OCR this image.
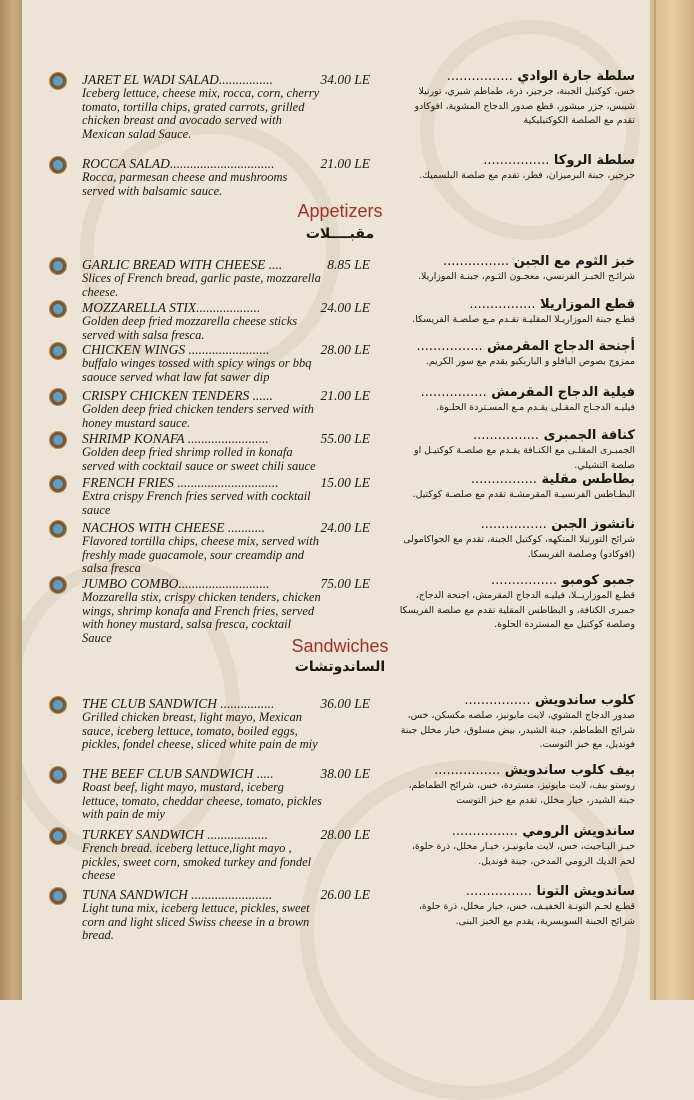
JARET EL WADI SALAD................	34.00 LE
Iceberg lettuce, cheese mix, rocca, corn, cherry tomato, tortilla chips, grated carrots, grilled chicken breast and avocado served with Mexican salad Sauce.
سلطة جارة الوادي ................
خس، كوكتيل الجبنة، جرجير، ذرة، طماطم شيري، تورتيلا شيبس، جزر ميشور، قطع صدور الدجاج المشوية، افوكادو تقدم مع الصلصة الكوكتيليكية
ROCCA SALAD...............................	21.00 LE
Rocca, parmesan cheese and mushrooms served with balsamic sauce.
سلطة الروكا ................
جرجير، جبنة البرميزان، فطر، تقدم مع صلصة البلسميك.
GARLIC BREAD WITH CHEESE ....	8.85 LE
Slices of French bread, garlic paste, mozzarella cheese.
خبز الثوم مع الجبن ................
شرائـح الخبـز الفرنسي، معجـون الثـوم، جبنـة الموزاريلا.
MOZZARELLA STIX...................	24.00 LE
Golden deep fried mozzarella cheese sticks served with salsa fresca.
قطع الموزاريلا ................
قطـع جبنة الموزاريـلا المقليـة تقـدم مـع صلصـة الفريسكا.
CHICKEN WINGS ........................	28.00 LE
buffalo winges tossed with spicy wings or bbq saouce served what law fat sawer dip
أجنحة الدجاج المقرمش ................
ممزوج بصوص البافلو و الباربكيو يقدم مع سور الكريم.
CRISPY CHICKEN TENDERS ......	21.00 LE
Golden deep fried chicken tenders served with honey mustard sauce.
فيلية الدجاج المقرمش ................
فيليـه الدجـاج المقـلى يقـدم مـع المسـتردة الحلـوة.
SHRIMP KONAFA ........................	55.00 LE
Golden deep fried shrimp rolled in konafa served with cocktail sauce or sweet chili sauce
كنافة الجمبرى ................
الجمبـرى المقلـى مع الكنـافة يقـدم مع صلصـة كوكتيـل او صلصة التشيلي.
FRENCH FRIES ..............................	15.00 LE
Extra crispy French fries served with cocktail sauce
بطاطس مقلية ................
البطـاطس الفرنسيـة المقرمشـة تقدم مع صلصـة كوكتيل.
NACHOS WITH CHEESE ...........	24.00 LE
Flavored tortilla chips, cheese mix, served with freshly made guacamole, sour creamdip and salsa fresca
ناتشوز الجبن ................
شرائح التورتيلا المنكهه، كوكتيل الجبنة، تقدم مع الجواكامولى (افوكادو) وصلصة الفريسكا.
JUMBO COMBO...........................	75.00 LE
Mozzarella stix, crispy chicken tenders, chicken wings, shrimp konafa and French fries, served with honey mustard, salsa fresca, cocktail Sauce
جمبو كومبو ................
قطـع الموزاريــلا، فيليـه الدجاج المقرمش، اجنحة الدجاج، جمبرى الكنافة، و البطاطس المقلية تقدم مع صلصة الفريسكا وصلصة كوكتيل مع المستردة الحلوة.
THE CLUB SANDWICH ................	36.00 LE
Grilled chicken breast, light mayo, Mexican sauce, iceberg lettuce, tomato, boiled eggs, pickles, fondel cheese, sliced white pain de miy
كلوب ساندويش ................
صدور الدجاج المشوي، لايت مايونيز، صلصه مكسكن، خس، شرائح الطماطم، جبنة الشيدر، بيض مسلوق، خيار مخلل جبنة فونديل، مع خبز التوست.
THE BEEF CLUB SANDWICH .....	38.00 LE
Roast beef, light mayo, mustard, iceberg lettuce, tomato, cheddar cheese, tomato, pickles with pain de miy
بيف كلوب ساندويش ................
روستو بيف، لايت مايونيز، مستردة، خس، شرائح الطماطم، جبنة الشيدر، خيار مخلل، تقدم مع خبز التوست
TURKEY SANDWICH ..................	28.00 LE
French bread. iceberg lettuce,light mayo , pickles, sweet corn, smoked turkey and fondel cheese
ساندويش الرومي ................
خبـز البـاجيت، خس، لايت مايونيـز، خيـار مخلل، ذرة حلوة، لحم الديك الرومي المدخن، جبنة فونديل.
TUNA SANDWICH ........................	26.00 LE
Light tuna mix, iceberg lettuce, pickles, sweet corn and light sliced Swiss cheese in a brown bread.
ساندويش التونا ................
قطـع لحـم التونـة الخفيـف، خس، خيار مخلل، ذرة حلوة، شرائح الجبنة السويسرية، يقدم مع الخبز البنى.
Appetizers
مقبــــلات
Sandwiches
الساندوتشات
